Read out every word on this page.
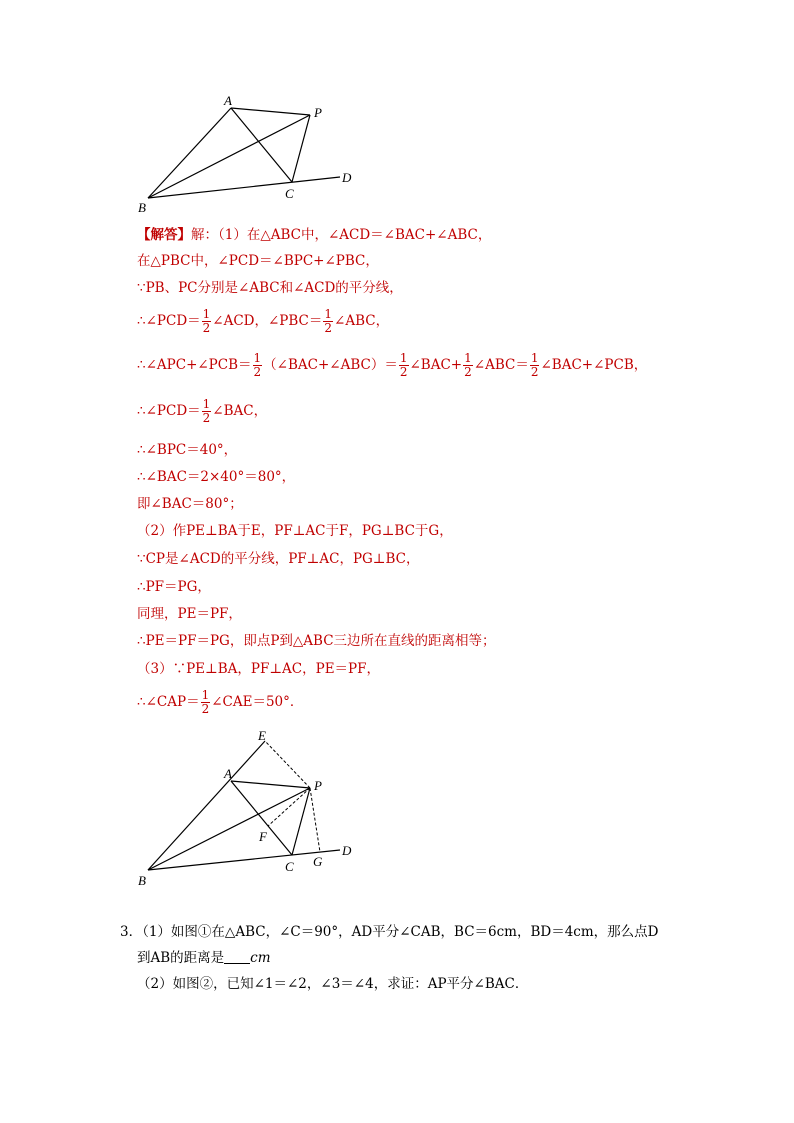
A
P
B
C
D
【解答】解：（1）在△ABC中，∠ACD＝∠BAC+∠ABC，
在△PBC中，∠PCD＝∠BPC+∠PBC，
∵PB、PC分别是∠ABC和∠ACD的平分线，
∴∠PCD＝ $\frac{1}{2}$ ∠ACD，∠PBC＝ $\frac{1}{2}$ ∠ABC，
∴∠APC+∠PCB＝ $\frac{1}{2}$ （∠BAC+∠ABC）＝ $\frac{1}{2}$ ∠BAC+ $\frac{1}{2}$ ∠ABC＝ $\frac{1}{2}$ ∠BAC+∠PCB，
∴∠PCD＝ $\frac{1}{2}$ ∠BAC，
∴∠BPC＝40°，
∴∠BAC＝2×40°＝80°，
即∠BAC＝80°；
（2）作PE⊥BA于E，PF⊥AC于F，PG⊥BC于G，
∵CP是∠ACD的平分线，PF⊥AC，PG⊥BC，
∴PF＝PG，
同理，PE＝PF，
∴PE＝PF＝PG，即点P到△ABC三边所在直线的距离相等；
（3）∵PE⊥BA，PF⊥AC，PE＝PF，
∴∠CAP＝ $\frac{1}{2}$ ∠CAE＝50°．
E
A
P
F
B
C G
D
3．（1）如图①在△ABC，∠C＝90°，AD平分∠CAB，BC＝6cm，BD＝4cm，那么点D
到AB的距离是 cm
（2）如图②，已知∠1＝∠2，∠3＝∠4，求证：AP平分∠BAC．
